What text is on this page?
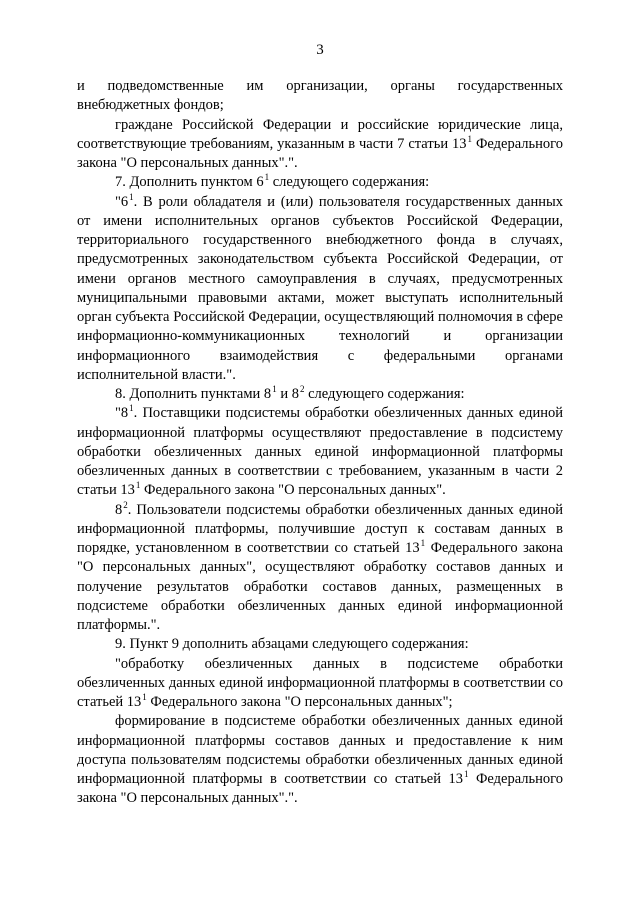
3

и подведомственные им организации, органы государственных внебюджетных фондов;

граждане Российской Федерации и российские юридические лица, соответствующие требованиям, указанным в части 7 статьи $13^1$ Федерального закона "О персональных данных".".

7. Дополнить пунктом $6^1$ следующего содержания:

"$6^1$. В роли обладателя и (или) пользователя государственных данных от имени исполнительных органов субъектов Российской Федерации, территориального государственного внебюджетного фонда в случаях, предусмотренных законодательством субъекта Российской Федерации, от имени органов местного самоуправления в случаях, предусмотренных муниципальными правовыми актами, может выступать исполнительный орган субъекта Российской Федерации, осуществляющий полномочия в сфере информационно-коммуникационных технологий и организации информационного взаимодействия с федеральными органами исполнительной власти.".

8. Дополнить пунктами $8^1$ и $8^2$ следующего содержания:

"$8^1$. Поставщики подсистемы обработки обезличенных данных единой информационной платформы осуществляют предоставление в подсистему обработки обезличенных данных единой информационной платформы обезличенных данных в соответствии с требованием, указанным в части 2 статьи $13^1$ Федерального закона "О персональных данных".

$8^2$. Пользователи подсистемы обработки обезличенных данных единой информационной платформы, получившие доступ к составам данных в порядке, установленном в соответствии со статьей $13^1$ Федерального закона "О персональных данных", осуществляют обработку составов данных и получение результатов обработки составов данных, размещенных в подсистеме обработки обезличенных данных единой информационной платформы.".

9. Пункт 9 дополнить абзацами следующего содержания:

"обработку обезличенных данных в подсистеме обработки обезличенных данных единой информационной платформы в соответствии со статьей $13^1$ Федерального закона "О персональных данных";

формирование в подсистеме обработки обезличенных данных единой информационной платформы составов данных и предоставление к ним доступа пользователям подсистемы обработки обезличенных данных единой информационной платформы в соответствии со статьей $13^1$ Федерального закона "О персональных данных".".
